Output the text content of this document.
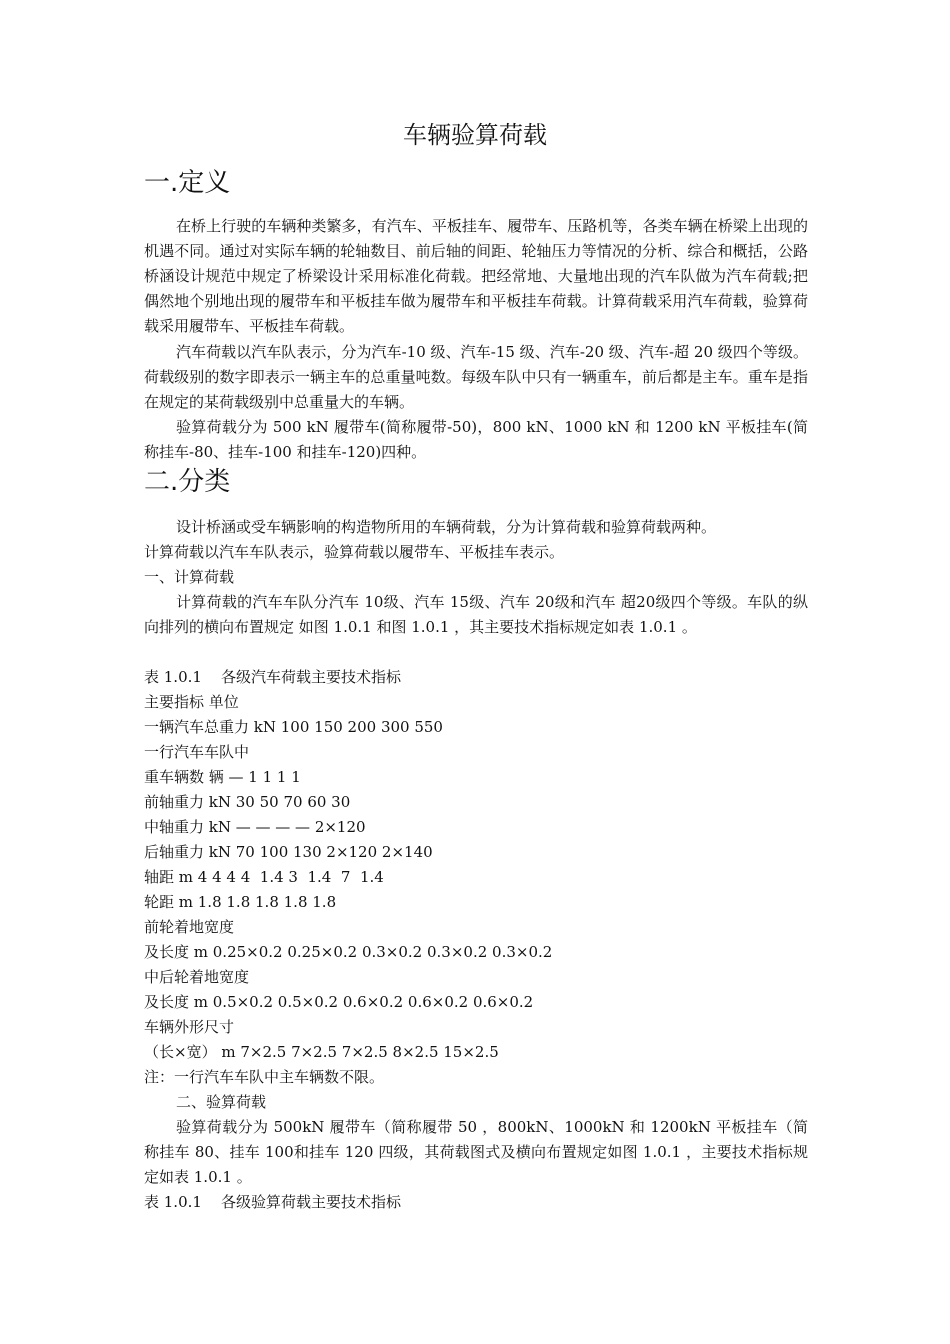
车辆验算荷载
一.定义
在桥上行驶的车辆种类繁多，有汽车、平板挂车、履带车、压路机等，各类车辆在桥梁上出现的机遇不同。通过对实际车辆的轮轴数目、前后轴的间距、轮轴压力等情况的分析、综合和概括，公路桥涵设计规范中规定了桥梁设计采用标准化荷载。把经常地、大量地出现的汽车队做为汽车荷载;把偶然地个别地出现的履带车和平板挂车做为履带车和平板挂车荷载。计算荷载采用汽车荷载，验算荷载采用履带车、平板挂车荷载。
汽车荷载以汽车队表示，分为汽车-10 级、汽车-15 级、汽车-20 级、汽车-超 20 级四个等级。荷载级别的数字即表示一辆主车的总重量吨数。每级车队中只有一辆重车，前后都是主车。重车是指在规定的某荷载级别中总重量大的车辆。
验算荷载分为 500 kN 履带车(简称履带-50)，800 kN、1000 kN 和 1200 kN 平板挂车(简称挂车-80、挂车-100 和挂车-120)四种。
二.分类
设计桥涵或受车辆影响的构造物所用的车辆荷载，分为计算荷载和验算荷载两种。
计算荷载以汽车车队表示，验算荷载以履带车、平板挂车表示。
一、计算荷载
计算荷载的汽车车队分汽车 10级、汽车 15级、汽车 20级和汽车 超20级四个等级。车队的纵向排列的横向布置规定 如图 1.0.1 和图 1.0.1 ，其主要技术指标规定如表 1.0.1 。
表 1.0.1    各级汽车荷载主要技术指标
主要指标 单位
一辆汽车总重力 kN 100 150 200 300 550
一行汽车车队中
重车辆数 辆 — 1 1 1 1
前轴重力 kN 30 50 70 60 30
中轴重力 kN — — — — 2×120
后轴重力 kN 70 100 130 2×120 2×140
轴距 m 4 4 4 4  1.4 3  1.4  7  1.4
轮距 m 1.8 1.8 1.8 1.8 1.8
前轮着地宽度
及长度 m 0.25×0.2 0.25×0.2 0.3×0.2 0.3×0.2 0.3×0.2
中后轮着地宽度
及长度 m 0.5×0.2 0.5×0.2 0.6×0.2 0.6×0.2 0.6×0.2
车辆外形尺寸
（长×宽） m 7×2.5 7×2.5 7×2.5 8×2.5 15×2.5
注：一行汽车车队中主车辆数不限。
二、验算荷载
验算荷载分为 500kN 履带车（简称履带 50 ，800kN、1000kN 和 1200kN 平板挂车（简称挂车 80、挂车 100和挂车 120 四级，其荷载图式及横向布置规定如图 1.0.1 ，主要技术指标规定如表 1.0.1 。
表 1.0.1    各级验算荷载主要技术指标
